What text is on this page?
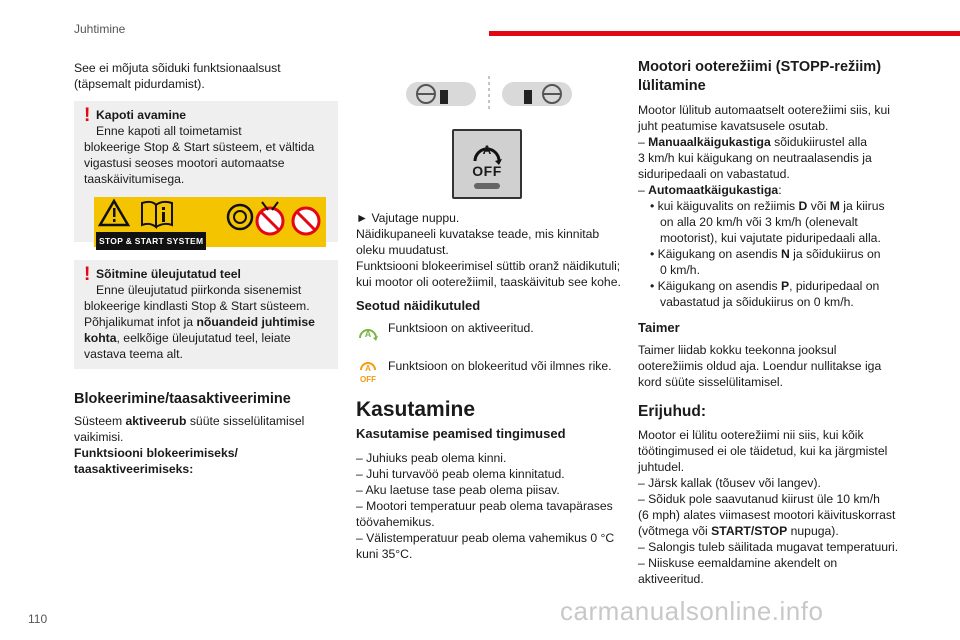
Juhtimine
110	carmanualsonline.info

See ei mõjuta sõiduki funktsionaalsust

(täpsemalt pidurdamist).

! Kapoti avamine

Enne kapoti all toimetamist

blokeerige Stop & Start süsteem, et vältida

vigastusi seoses mootori automaatse

taaskäivitumisega.

STOP & START SYSTEM
! Sõitmine üleujutatud teel

Enne üleujutatud piirkonda sisenemist

blokeerige kindlasti Stop & Start süsteem.

Põhjalikumat infot ja nõuandeid juhtimise

kohta, eelkõige üleujutatud teel, leiate

vastava teema alt.

Blokeerimine/taasaktiveerimine

Süsteem aktiveerub süüte sisselülitamisel

vaikimisi.

Funktsiooni blokeerimiseks/

taasaktiveerimiseks:

A
OFF

► Vajutage nuppu.

Näidikupaneeli kuvatakse teade, mis kinnitab

oleku muudatust.

Funktsiooni blokeerimisel süttib oranž näidikutuli;

kui mootor oli ooterežiimil, taaskäivitub see kohe.

Seotud näidikutuled

A Funktsioon on aktiveeritud.
A
OFF
Funktsioon on blokeeritud või ilmnes rike.

Kasutamine

Kasutamise peamised tingimused

– Juhiuks peab olema kinni.

– Juhi turvavöö peab olema kinnitatud.

– Aku laetuse tase peab olema piisav.

– Mootori temperatuur peab olema tavapärases

töövahemikus.

– Välistemperatuur peab olema vahemikus 0 °C

kuni 35°C.

Mootori ooterežiimi (STOPP-režiim)

lülitamine

Mootor lülitub automaatselt ooterežiimi siis, kui

juht peatumise kavatsusele osutab.

– Manuaalkäigukastiga sõidukiirustel alla

3 km/h kui käigukang on neutraalasendis ja

siduripedaali on vabastatud.

– Automaatkäigukastiga:

• kui käiguvalits on režiimis D või M ja kiirus

on alla 20 km/h või 3 km/h (olenevalt

mootorist), kui vajutate piduripedaali alla.

• Käigukang on asendis N ja sõidukiirus on

0 km/h.

• Käigukang on asendis P, piduripedaal on

vabastatud ja sõidukiirus on 0 km/h.

Taimer

Taimer liidab kokku teekonna jooksul

ooterežiimis oldud aja. Loendur nullitakse iga

kord süüte sisselülitamisel.

Erijuhud:

Mootor ei lülitu ooterežiimi nii siis, kui kõik

töötingimused ei ole täidetud, kui ka järgmistel

juhtudel.

– Järsk kallak (tõusev või langev).

– Sõiduk pole saavutanud kiirust üle 10 km/h

(6 mph) alates viimasest mootori käivituskorrast

(võtmega või START/STOP nupuga).

– Salongis tuleb säilitada mugavat temperatuuri.

– Niiskuse eemaldamine akendelt on

aktiveeritud.
